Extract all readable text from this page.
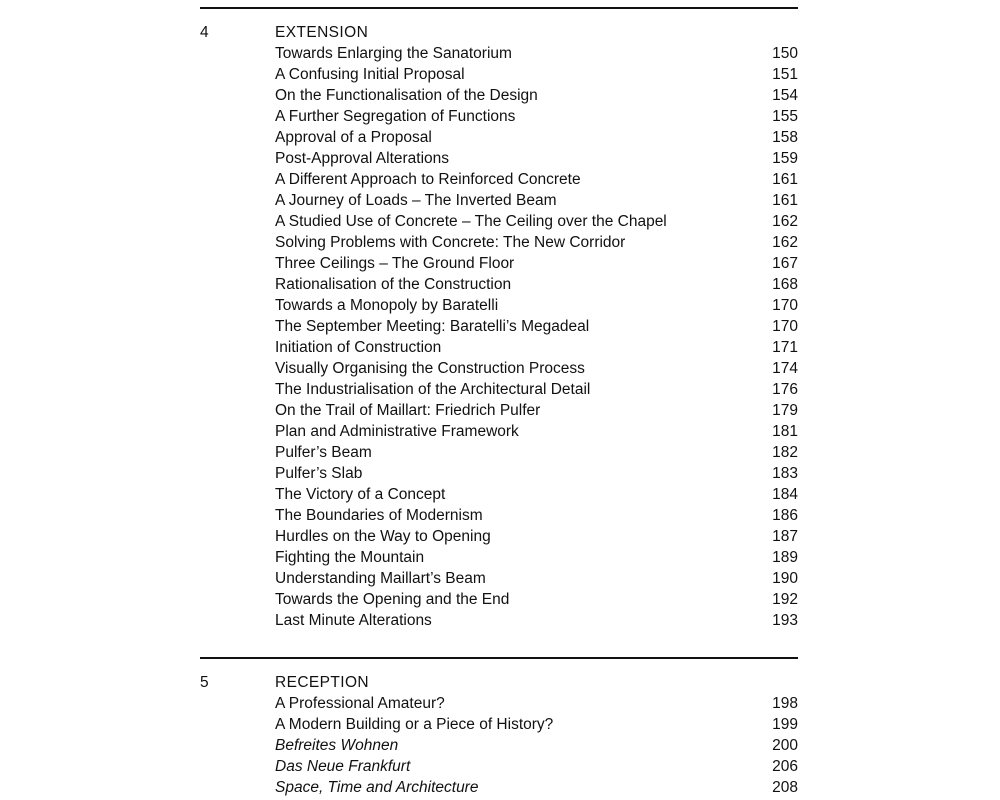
4	EXTENSION
Towards Enlarging the Sanatorium	150
A Confusing Initial Proposal	151
On the Functionalisation of the Design	154
A Further Segregation of Functions	155
Approval of a Proposal	158
Post-Approval Alterations	159
A Different Approach to Reinforced Concrete	161
A Journey of Loads – The Inverted Beam	161
A Studied Use of Concrete – The Ceiling over the Chapel	162
Solving Problems with Concrete: The New Corridor	162
Three Ceilings – The Ground Floor	167
Rationalisation of the Construction	168
Towards a Monopoly by Baratelli	170
The September Meeting: Baratelli’s Megadeal	170
Initiation of Construction	171
Visually Organising the Construction Process	174
The Industrialisation of the Architectural Detail	176
On the Trail of Maillart: Friedrich Pulfer	179
Plan and Administrative Framework	181
Pulfer’s Beam	182
Pulfer’s Slab	183
The Victory of a Concept	184
The Boundaries of Modernism	186
Hurdles on the Way to Opening	187
Fighting the Mountain	189
Understanding Maillart’s Beam	190
Towards the Opening and the End	192
Last Minute Alterations	193
5	RECEPTION
A Professional Amateur?	198
A Modern Building or a Piece of History?	199
Befreites Wohnen	200
Das Neue Frankfurt	206
Space, Time and Architecture	208
